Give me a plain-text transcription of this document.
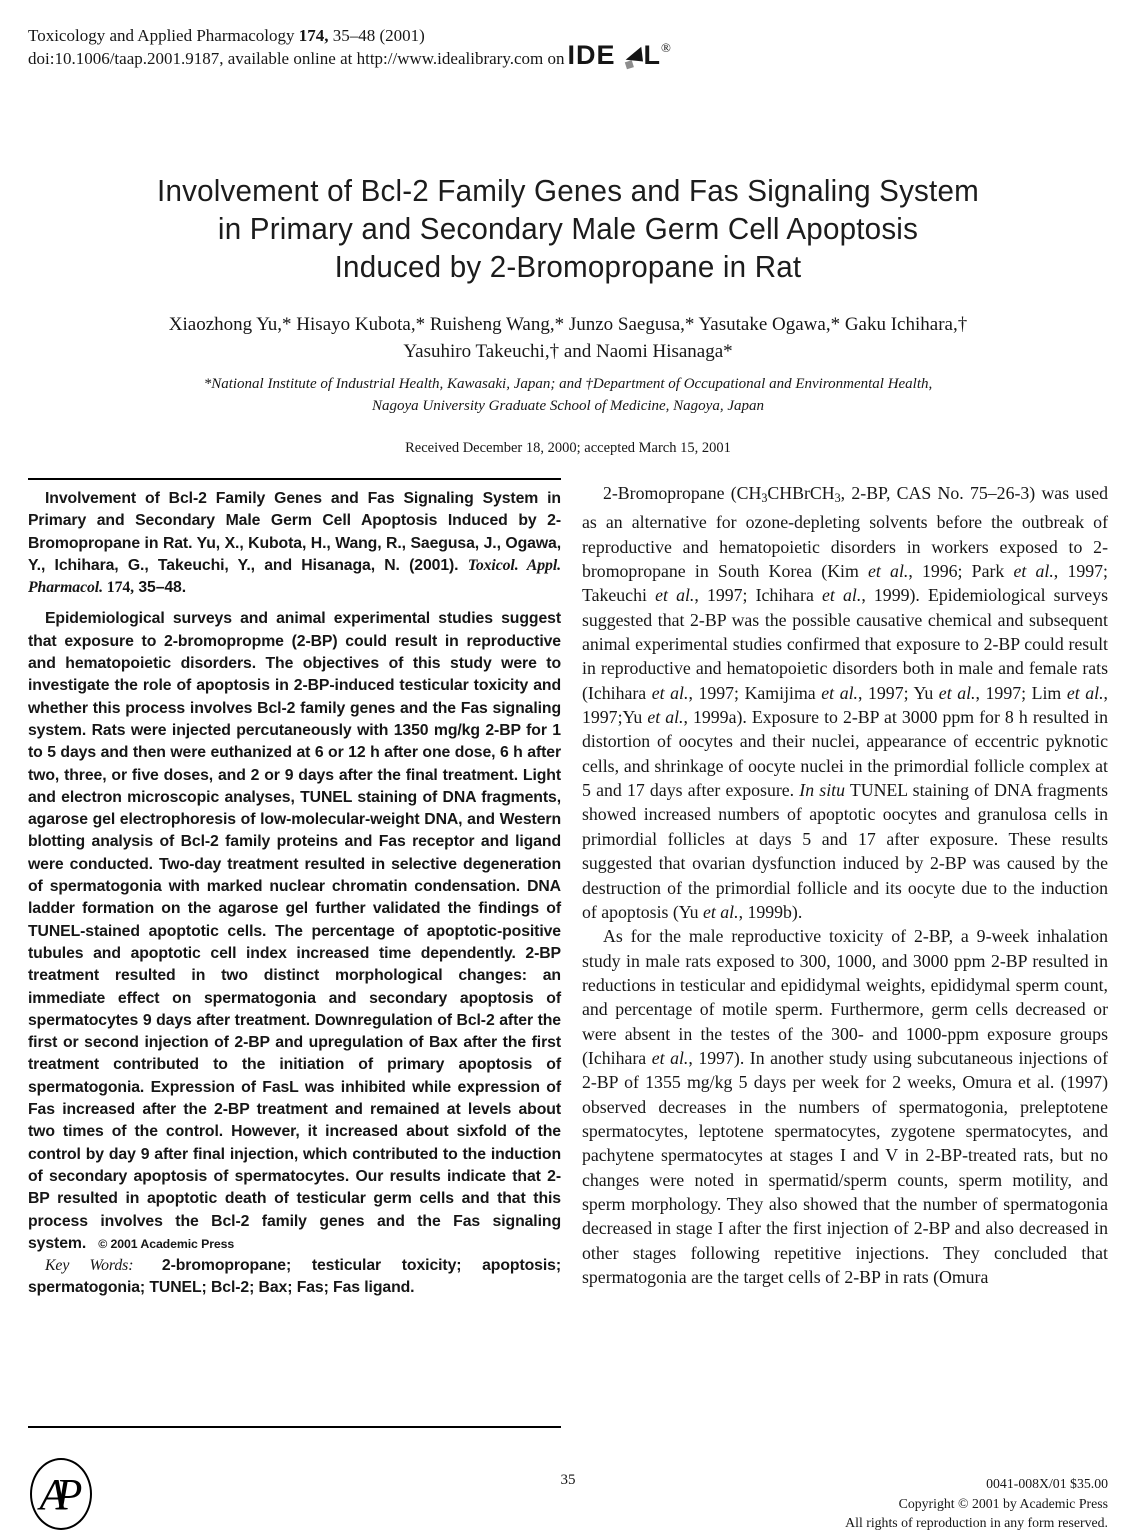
Toxicology and Applied Pharmacology 174, 35–48 (2001)
doi:10.1006/taap.2001.9187, available online at http://www.idealibrary.com on IDE L ®
Involvement of Bcl-2 Family Genes and Fas Signaling System
in Primary and Secondary Male Germ Cell Apoptosis
Induced by 2-Bromopropane in Rat
Xiaozhong Yu,* Hisayo Kubota,* Ruisheng Wang,* Junzo Saegusa,* Yasutake Ogawa,* Gaku Ichihara,†
Yasuhiro Takeuchi,† and Naomi Hisanaga*
*National Institute of Industrial Health, Kawasaki, Japan; and †Department of Occupational and Environmental Health,
Nagoya University Graduate School of Medicine, Nagoya, Japan
Received December 18, 2000; accepted March 15, 2001

Involvement of Bcl-2 Family Genes and Fas Signaling System in Primary and Secondary Male Germ Cell Apoptosis Induced by 2-Bromopropane in Rat. Yu, X., Kubota, H., Wang, R., Saegusa, J., Ogawa, Y., Ichihara, G., Takeuchi, Y., and Hisanaga, N. (2001). Toxicol. Appl. Pharmacol. 174, 35–48.

Epidemiological surveys and animal experimental studies suggest that exposure to 2-bromopropme (2-BP) could result in reproductive and hematopoietic disorders. The objectives of this study were to investigate the role of apoptosis in 2-BP-induced testicular toxicity and whether this process involves Bcl-2 family genes and the Fas signaling system. Rats were injected percutaneously with 1350 mg/kg 2-BP for 1 to 5 days and then were euthanized at 6 or 12 h after one dose, 6 h after two, three, or five doses, and 2 or 9 days after the final treatment. Light and electron microscopic analyses, TUNEL staining of DNA fragments, agarose gel electrophoresis of low-molecular-weight DNA, and Western blotting analysis of Bcl-2 family proteins and Fas receptor and ligand were conducted. Two-day treatment resulted in selective degeneration of spermatogonia with marked nuclear chromatin condensation. DNA ladder formation on the agarose gel further validated the findings of TUNEL-stained apoptotic cells. The percentage of apoptotic-positive tubules and apoptotic cell index increased time dependently. 2-BP treatment resulted in two distinct morphological changes: an immediate effect on spermatogonia and secondary apoptosis of spermatocytes 9 days after treatment. Downregulation of Bcl-2 after the first or second injection of 2-BP and upregulation of Bax after the first treatment contributed to the initiation of primary apoptosis of spermatogonia. Expression of FasL was inhibited while expression of Fas increased after the 2-BP treatment and remained at levels about two times of the control. However, it increased about sixfold of the control by day 9 after final injection, which contributed to the induction of secondary apoptosis of spermatocytes. Our results indicate that 2-BP resulted in apoptotic death of testicular germ cells and that this process involves the Bcl-2 family genes and the Fas signaling system.  © 2001 Academic Press

Key Words:  2-bromopropane; testicular toxicity; apoptosis; spermatogonia; TUNEL; Bcl-2; Bax; Fas; Fas ligand.

2-Bromopropane (CH3CHBrCH3, 2-BP, CAS No. 75–26-3) was used as an alternative for ozone-depleting solvents before the outbreak of reproductive and hematopoietic disorders in workers exposed to 2-bromopropane in South Korea (Kim et al., 1996; Park et al., 1997; Takeuchi et al., 1997; Ichihara et al., 1999). Epidemiological surveys suggested that 2-BP was the possible causative chemical and subsequent animal experimental studies confirmed that exposure to 2-BP could result in reproductive and hematopoietic disorders both in male and female rats (Ichihara et al., 1997; Kamijima et al., 1997; Yu et al., 1997; Lim et al., 1997;Yu et al., 1999a). Exposure to 2-BP at 3000 ppm for 8 h resulted in distortion of oocytes and their nuclei, appearance of eccentric pyknotic cells, and shrinkage of oocyte nuclei in the primordial follicle complex at 5 and 17 days after exposure. In situ TUNEL staining of DNA fragments showed increased numbers of apoptotic oocytes and granulosa cells in primordial follicles at days 5 and 17 after exposure. These results suggested that ovarian dysfunction induced by 2-BP was caused by the destruction of the primordial follicle and its oocyte due to the induction of apoptosis (Yu et al., 1999b).

As for the male reproductive toxicity of 2-BP, a 9-week inhalation study in male rats exposed to 300, 1000, and 3000 ppm 2-BP resulted in reductions in testicular and epididymal weights, epididymal sperm count, and percentage of motile sperm. Furthermore, germ cells decreased or were absent in the testes of the 300- and 1000-ppm exposure groups (Ichihara et al., 1997). In another study using subcutaneous injections of 2-BP of 1355 mg/kg 5 days per week for 2 weeks, Omura et al. (1997) observed decreases in the numbers of spermatogonia, preleptotene spermatocytes, leptotene spermatocytes, zygotene spermatocytes, and pachytene spermatocytes at stages I and V in 2-BP-treated rats, but no changes were noted in spermatid/sperm counts, sperm motility, and sperm morphology. They also showed that the number of spermatogonia decreased in stage I after the first injection of 2-BP and also decreased in other stages following repetitive injections. They concluded that spermatogonia are the target cells of 2-BP in rats (Omura

AP	35	0041-008X/01 $35.00
Copyright © 2001 by Academic Press
All rights of reproduction in any form reserved.
